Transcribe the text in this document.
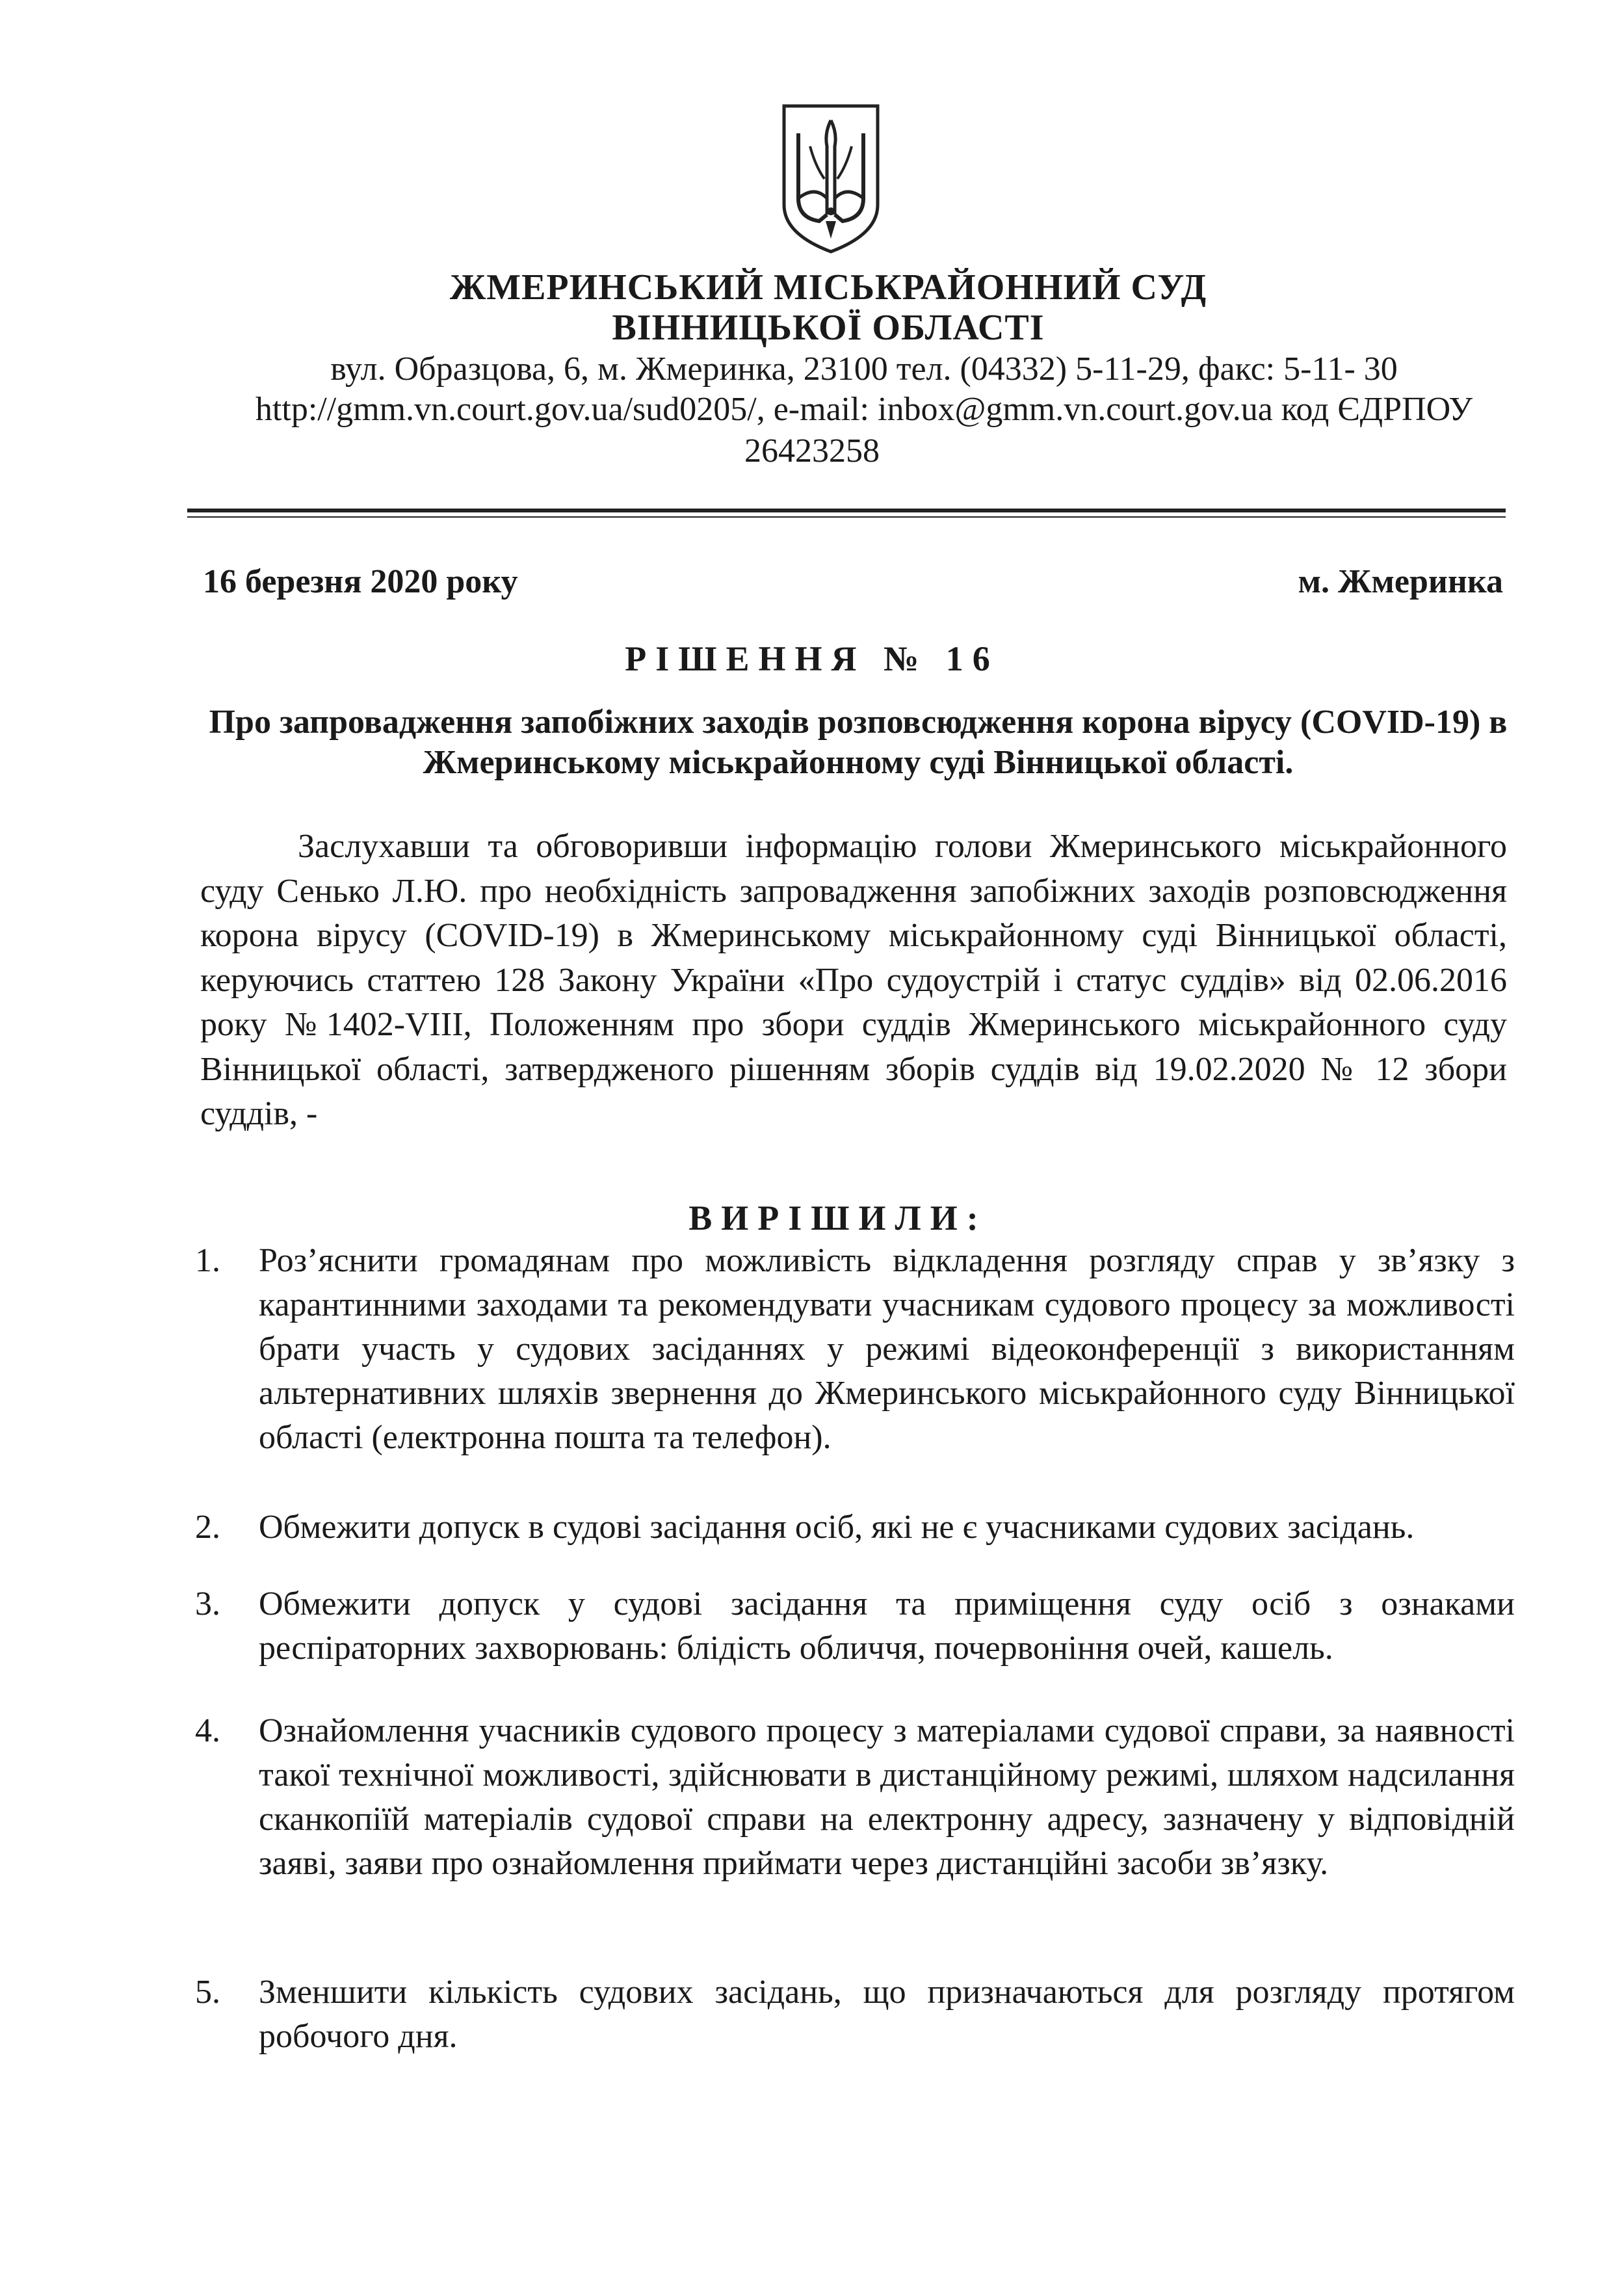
ЖМЕРИНСЬКИЙ МІСЬКРАЙОННИЙ СУД
ВІННИЦЬКОЇ ОБЛАСТІ
вул. Образцова, 6, м. Жмеринка, 23100 тел. (04332) 5-11-29, факс: 5-11- 30
http://gmm.vn.court.gov.ua/sud0205/, e-mail: inbox@gmm.vn.court.gov.ua код ЄДРПОУ
26423258
16 березня 2020 року	м. Жмеринка
РІШЕННЯ № 16
Про запровадження запобіжних заходів розповсюдження корона вірусу (COVID-19) в Жмеринському міськрайонному суді Вінницької області.

Заслухавши та обговоривши інформацію голови Жмеринського міськрайонного суду Сенько Л.Ю. про необхідність запровадження запобіжних заходів розповсюдження корона вірусу (COVID-19) в Жмеринському міськрайонному суді Вінницької області, керуючись статтею 128 Закону України «Про судоустрій і статус суддів» від 02.06.2016 року №1402-VIII, Положенням про збори суддів Жмеринського міськрайонного суду Вінницької області, затвердженого рішенням зборів суддів від 19.02.2020 № 12 збори суддів, -

ВИРІШИЛИ:
1.	Роз’яснити громадянам про можливість відкладення розгляду справ у зв’язку з карантинними заходами та рекомендувати учасникам судового процесу за можливості брати участь у судових засіданнях у режимі відеоконференції з використанням альтернативних шляхів звернення до Жмеринського міськрайонного суду Вінницької області (електронна пошта та телефон).
2.	Обмежити допуск в судові засідання осіб, які не є учасниками судових засідань.
3.	Обмежити допуск у судові засідання та приміщення суду осіб з ознаками респіраторних захворювань: блідість обличчя, почервоніння очей, кашель.
4.	Ознайомлення учасників судового процесу з матеріалами судової справи, за наявності такої технічної можливості, здійснювати в дистанційному режимі, шляхом надсилання сканкопіїй матеріалів судової справи на електронну адресу, зазначену у відповідній заяві, заяви про ознайомлення приймати через дистанційні засоби зв’язку.
5.	Зменшити кількість судових засідань, що призначаються для розгляду протягом робочого дня.
